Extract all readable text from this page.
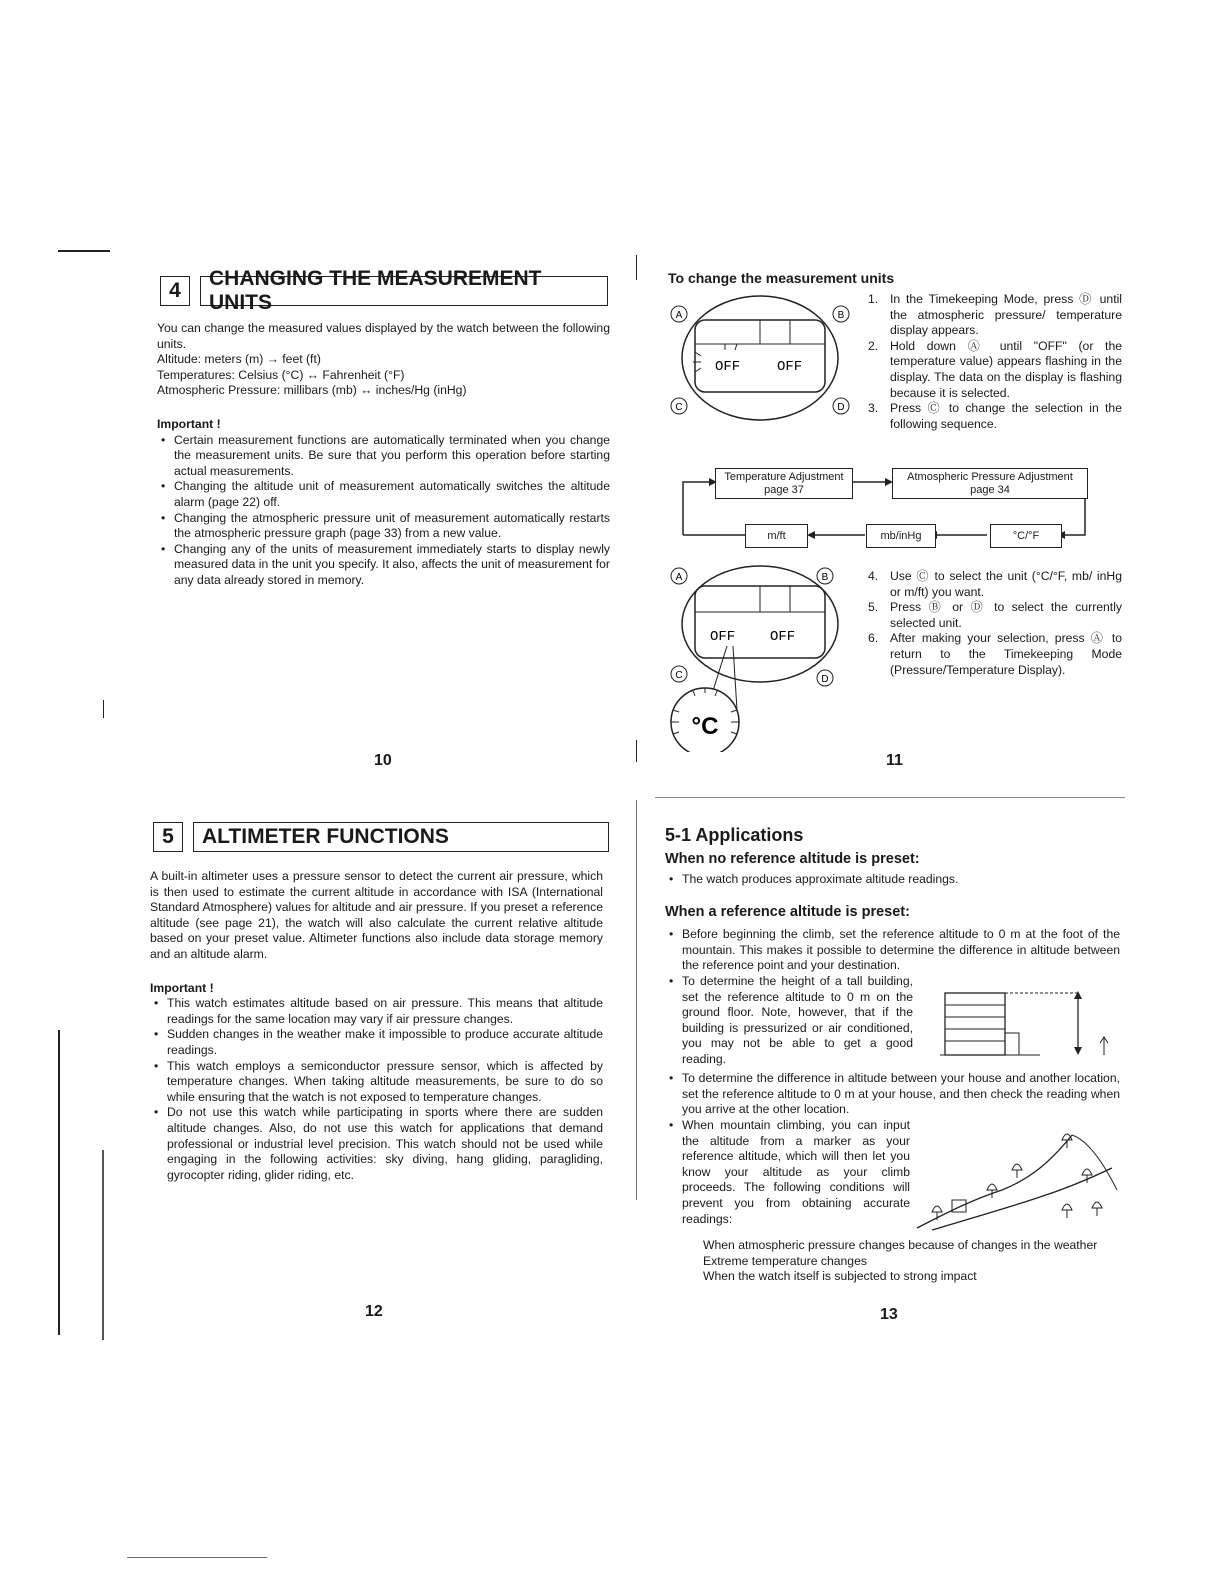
4
CHANGING THE MEASUREMENT UNITS

You can change the measured values displayed by the watch between the following units.

Altitude: meters (m) → feet (ft)

Temperatures: Celsius (°C) ↔ Fahrenheit (°F)

Atmospheric Pressure: millibars (mb) ↔ inches/Hg (inHg)

Important !

• Certain measurement functions are automatically terminated when you change the measurement units. Be sure that you perform this operation before starting actual measurements.
• Changing the altitude unit of measurement automatically switches the altitude alarm (page 22) off.
• Changing the atmospheric pressure unit of measurement automatically restarts the atmospheric pressure graph (page 33) from a new value.
• Changing any of the units of measurement immediately starts to display newly measured data in the unit you specify. It also, affects the unit of measurement for any data already stored in memory.
10
To change the measurement units
A	B
C	D
OFF	OFF
1. In the Timekeeping Mode, press Ⓓ until the atmospheric pressure/ temperature display appears.
2. Hold down Ⓐ until "OFF" (or the temperature value) appears flashing in the display. The data on the display is flashing because it is selected.
3. Press Ⓒ to change the selection in the following sequence.
Temperature Adjustment
page 37
Atmospheric Pressure Adjustment
page 34
m/ft	mb/inHg	°C/°F
A	B
C	D
OFF OFF
°C
4. Use Ⓒ to select the unit (°C/°F, mb/ inHg or m/ft) you want.
5. Press Ⓑ or Ⓓ to select the currently selected unit.
6. After making your selection, press Ⓐ to return to the Timekeeping Mode (Pressure/Temperature Display).
11
5	ALTIMETER FUNCTIONS

A built-in altimeter uses a pressure sensor to detect the current air pressure, which is then used to estimate the current altitude in accordance with ISA (International Standard Atmosphere) values for altitude and air pressure. If you preset a reference altitude (see page 21), the watch will also calculate the current relative altitude based on your preset value. Altimeter functions also include data storage memory and an altitude alarm.

Important !

• This watch estimates altitude based on air pressure. This means that altitude readings for the same location may vary if air pressure changes.
• Sudden changes in the weather make it impossible to produce accurate altitude readings.
• This watch employs a semiconductor pressure sensor, which is affected by temperature changes. When taking altitude measurements, be sure to do so while ensuring that the watch is not exposed to temperature changes.
• Do not use this watch while participating in sports where there are sudden altitude changes. Also, do not use this watch for applications that demand professional or industrial level precision. This watch should not be used while engaging in the following activities: sky diving, hang gliding, paragliding, gyrocopter riding, glider riding, etc.
12
5-1 Applications
When no reference altitude is preset:
• The watch produces approximate altitude readings.
When a reference altitude is preset:
• Before beginning the climb, set the reference altitude to 0 m at the foot of the mountain. This makes it possible to determine the difference in altitude between the reference point and your destination.
• To determine the height of a tall building, set the reference altitude to 0 m on the ground floor. Note, however, that if the building is pressurized or air conditioned, you may not be able to get a good reading.
• To determine the difference in altitude between your house and another location, set the reference altitude to 0 m at your house, and then check the reading when you arrive at the other location.
• When mountain climbing, you can input the altitude from a marker as your reference altitude, which will then let you know your altitude as your climb proceeds. The following conditions will prevent you from obtaining accurate readings:

When atmospheric pressure changes because of changes in the weather

Extreme temperature changes

When the watch itself is subjected to strong impact

13
